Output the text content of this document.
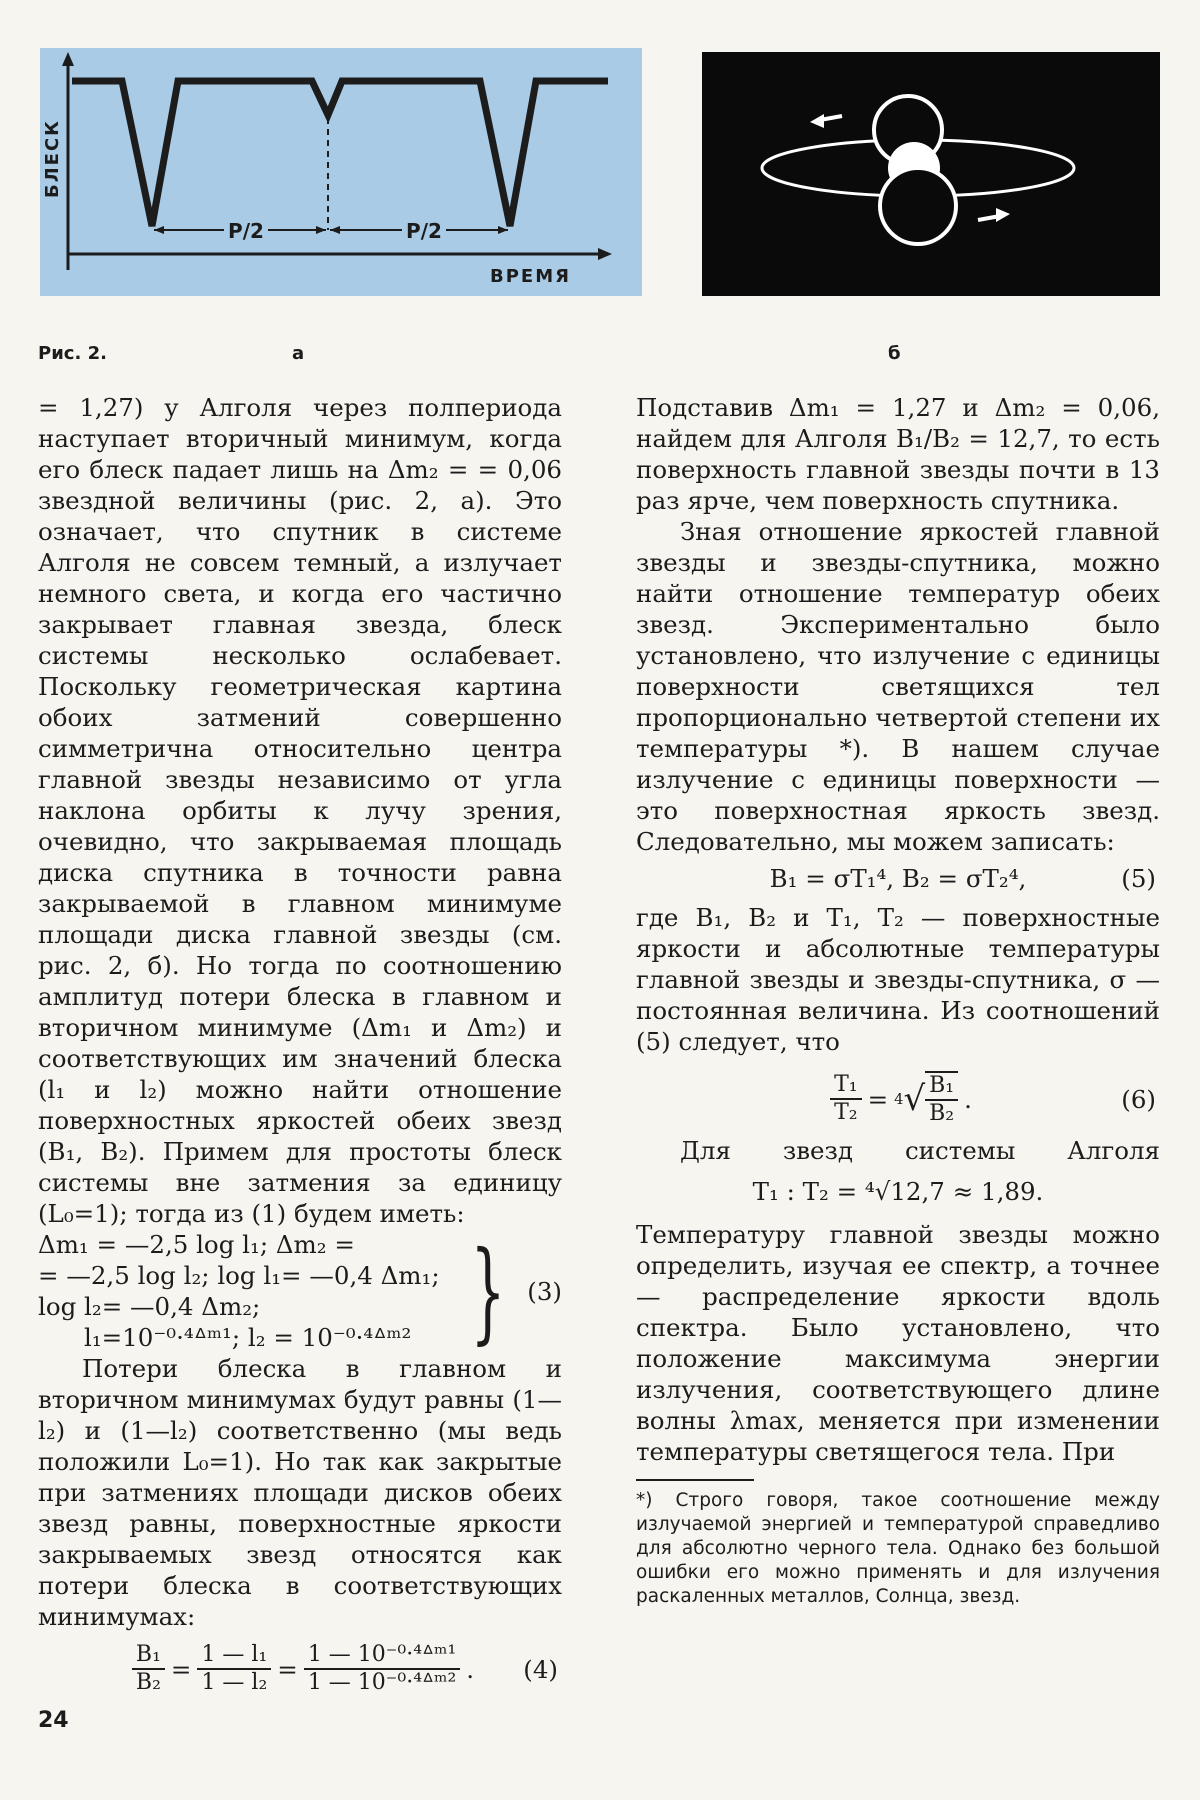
P/2	P/2
ВРЕМЯ
БЛЕСК
Рис. 2.	а	б

= 1,27) у Алголя через полпериода наступает вторичный минимум, когда его блеск падает лишь на Δm₂ = = 0,06 звездной величины (рис. 2, а). Это означает, что спутник в системе Алголя не совсем темный, а излучает немного света, и когда его частично закрывает главная звезда, блеск системы несколько ослабевает. Поскольку геометрическая картина обоих затмений совершенно симметрична относительно центра главной звезды независимо от угла наклона орбиты к лучу зрения, очевидно, что закрываемая площадь диска спутника в точности равна закрываемой в главном минимуме площади диска главной звезды (см. рис. 2, б). Но тогда по соотношению амплитуд потери блеска в главном и вторичном минимуме (Δm₁ и Δm₂) и соответствующих им значений блеска (l₁ и l₂) можно найти отношение поверхностных яркостей обеих звезд (B₁, B₂). Примем для простоты блеск системы вне затмения за единицу (L₀=1); тогда из (1) будем иметь:

Δm₁ = —2,5 log l₁; Δm₂ =
= —2,5 log l₂; log l₁= —0,4 Δm₁;
log l₂= —0,4 Δm₂;
l₁=10⁻⁰·⁴ᐞᵐ¹; l₂ = 10⁻⁰·⁴ᐞᵐ² } (3)

Потери блеска в главном и вторичном минимумах будут равны (1—l₂) и (1—l₂) соответственно (мы ведь положили L₀=1). Но так как закрытые при затмениях площади дисков обеих звезд равны, поверхностные яркости закрываемых звезд относятся как потери блеска в соответствующих минимумах:

$\frac{\text{B₁}}{\text{B₂}} = \frac{\text{1 — l₁}}{\text{1 — l₂}} = \frac{\text{1 — 10⁻⁰·⁴ᐞᵐ¹}}{\text{1 — 10⁻⁰·⁴ᐞᵐ²}}$ . (4)

Подставив Δm₁ = 1,27 и Δm₂ = 0,06, найдем для Алголя B₁/B₂ = 12,7, то есть поверхность главной звезды почти в 13 раз ярче, чем поверхность спутника.

Зная отношение яркостей главной звезды и звезды-спутника, можно найти отношение температур обеих звезд. Экспериментально было установлено, что излучение с единицы поверхности светящихся тел пропорционально четвертой степени их температуры *). В нашем случае излучение с единицы поверхности — это поверхностная яркость звезд. Следовательно, мы можем записать:

B₁ = σT₁⁴, B₂ = σT₂⁴,	(5)

где B₁, B₂ и T₁, T₂ — поверхностные яркости и абсолютные температуры главной звезды и звезды-спутника, σ — постоянная величина. Из соотношений (5) следует, что

$\frac{\text{T₁}}{\text{T₂}} = 4$ √ $\frac{\text{B₁}}{\text{B₂}}$ .	(6)

Для звезд системы Алголя

T₁ : T₂ = ⁴√12,7 ≈ 1,89.

Температуру главной звезды можно определить, изучая ее спектр, а точнее — распределение яркости вдоль спектра. Было установлено, что положение максимума энергии излучения, соответствующего длине волны λmax, меняется при изменении температуры светящегося тела. При

*) Строго говоря, такое соотношение между излучаемой энергией и температурой справедливо для абсолютно черного тела. Однако без большой ошибки его можно применять и для излучения раскаленных металлов, Солнца, звезд.

24
